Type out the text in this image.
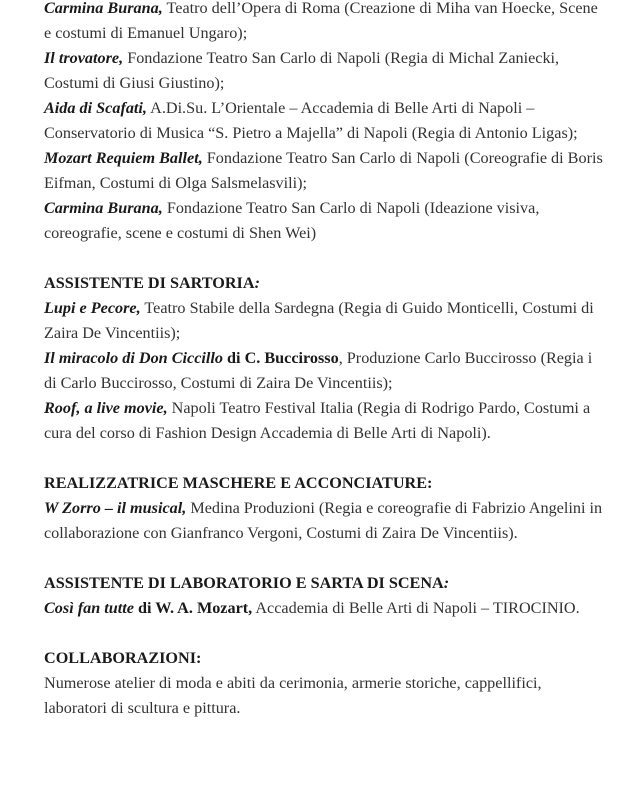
Carmina Burana, Teatro dell’Opera di Roma (Creazione di Miha van Hoecke, Scene e costumi di Emanuel Ungaro);

Il trovatore, Fondazione Teatro San Carlo di Napoli (Regia di Michal Zaniecki, Costumi di Giusi Giustino);

Aida di Scafati, A.Di.Su. L’Orientale – Accademia di Belle Arti di Napoli – Conservatorio di Musica “S. Pietro a Majella” di Napoli (Regia di Antonio Ligas);

Mozart Requiem Ballet, Fondazione Teatro San Carlo di Napoli (Coreografie di Boris Eifman, Costumi di Olga Salsmelasvili);

Carmina Burana, Fondazione Teatro San Carlo di Napoli (Ideazione visiva, coreografie, scene e costumi di Shen Wei)

ASSISTENTE DI SARTORIA:

Lupi e Pecore, Teatro Stabile della Sardegna (Regia di Guido Monticelli, Costumi di Zaira De Vincentiis);

Il miracolo di Don Ciccillo di C. Buccirosso, Produzione Carlo Buccirosso (Regia i di Carlo Buccirosso, Costumi di Zaira De Vincentiis);

Roof, a live movie, Napoli Teatro Festival Italia (Regia di Rodrigo Pardo, Costumi a cura del corso di Fashion Design Accademia di Belle Arti di Napoli).

REALIZZATRICE MASCHERE E ACCONCIATURE:

W Zorro – il musical, Medina Produzioni (Regia e coreografie di Fabrizio Angelini in collaborazione con Gianfranco Vergoni, Costumi di Zaira De Vincentiis).

ASSISTENTE DI LABORATORIO E SARTA DI SCENA:

Così fan tutte di W. A. Mozart, Accademia di Belle Arti di Napoli – TIROCINIO.

COLLABORAZIONI:

Numerose atelier di moda e abiti da cerimonia, armerie storiche, cappellifici, laboratori di scultura e pittura.
